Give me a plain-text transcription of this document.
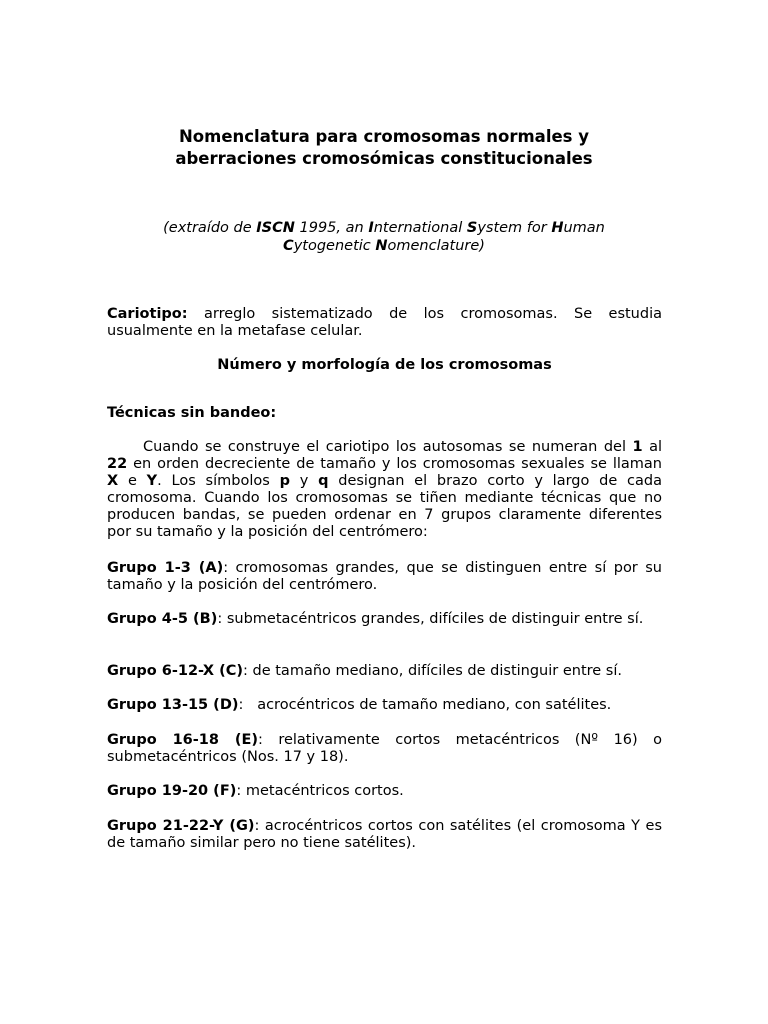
Nomenclatura para cromosomas normales y
aberraciones cromosómicas constitucionales
(extraído de ISCN 1995, an International System for Human
Cytogenetic Nomenclature)
Cariotipo: arreglo sistematizado de los cromosomas. Se estudia usualmente en la metafase celular.
Número y morfología de los cromosomas
Técnicas sin bandeo:
Cuando se construye el cariotipo los autosomas se numeran del 1 al 22 en orden decreciente de tamaño y los cromosomas sexuales se llaman X e Y. Los símbolos p y q designan el brazo corto y largo de cada cromosoma. Cuando los cromosomas se tiñen mediante técnicas que no producen bandas, se pueden ordenar en 7 grupos claramente diferentes por su tamaño y la posición del centrómero:
Grupo 1-3 (A): cromosomas grandes, que se distinguen entre sí por su tamaño y la posición del centrómero.
Grupo 4-5 (B): submetacéntricos grandes, difíciles de distinguir entre sí.
Grupo 6-12-X (C): de tamaño mediano, difíciles de distinguir entre sí.
Grupo 13-15 (D):   acrocéntricos de tamaño mediano, con satélites.
Grupo 16-18 (E): relativamente cortos metacéntricos (Nº 16) o submetacéntricos (Nos. 17 y 18).
Grupo 19-20 (F): metacéntricos cortos.
Grupo 21-22-Y (G): acrocéntricos cortos con satélites (el cromosoma Y es de tamaño similar pero no tiene satélites).
